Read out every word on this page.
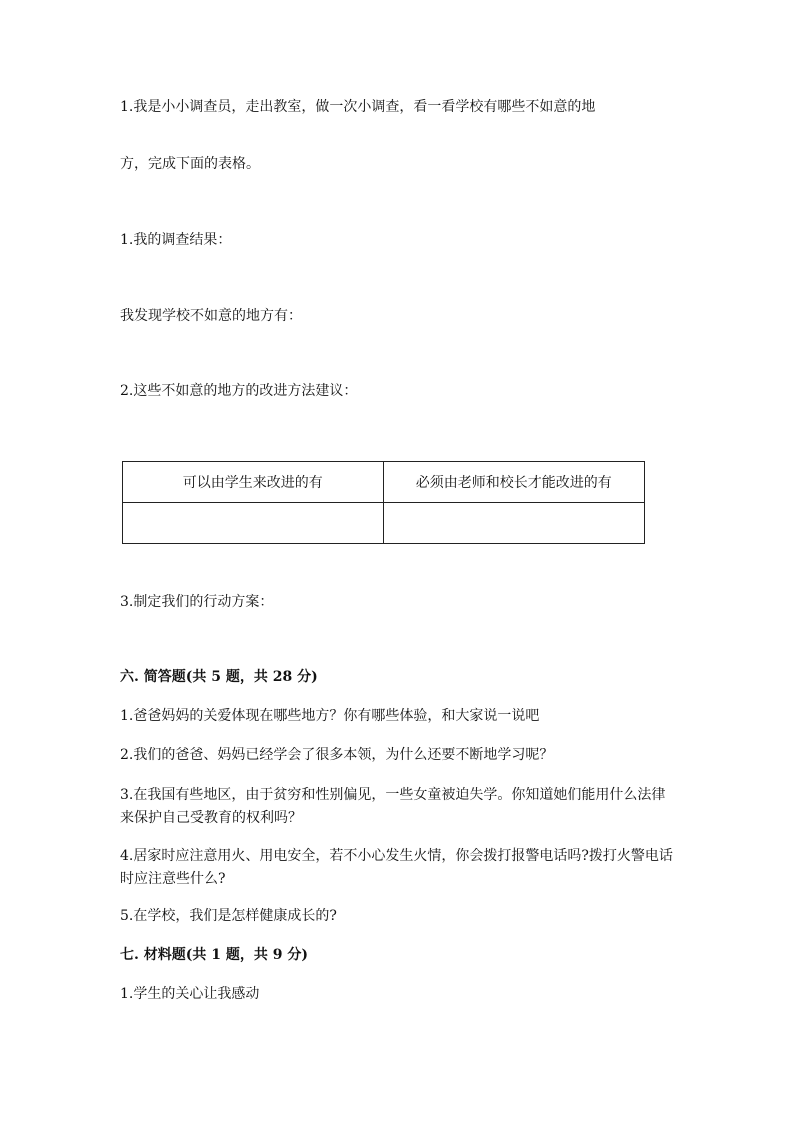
1.我是小小调查员，走出教室，做一次小调查，看一看学校有哪些不如意的地
方，完成下面的表格。
1.我的调查结果：
我发现学校不如意的地方有：
2.这些不如意的地方的改进方法建议：
可以由学生来改进的有	必须由老师和校长才能改进的有

3.制定我们的行动方案：
六. 简答题(共 5 题，共 28 分)
1.爸爸妈妈的关爱体现在哪些地方？你有哪些体验，和大家说一说吧
2.我们的爸爸、妈妈已经学会了很多本领，为什么还要不断地学习呢？
3.在我国有些地区，由于贫穷和性别偏见，一些女童被迫失学。你知道她们能用什么法律来保护自己受教育的权利吗？
4.居家时应注意用火、用电安全，若不小心发生火情，你会拨打报警电话吗?拨打火警电话时应注意些什么?
5.在学校，我们是怎样健康成长的?
七. 材料题(共 1 题，共 9 分)
1.学生的关心让我感动
